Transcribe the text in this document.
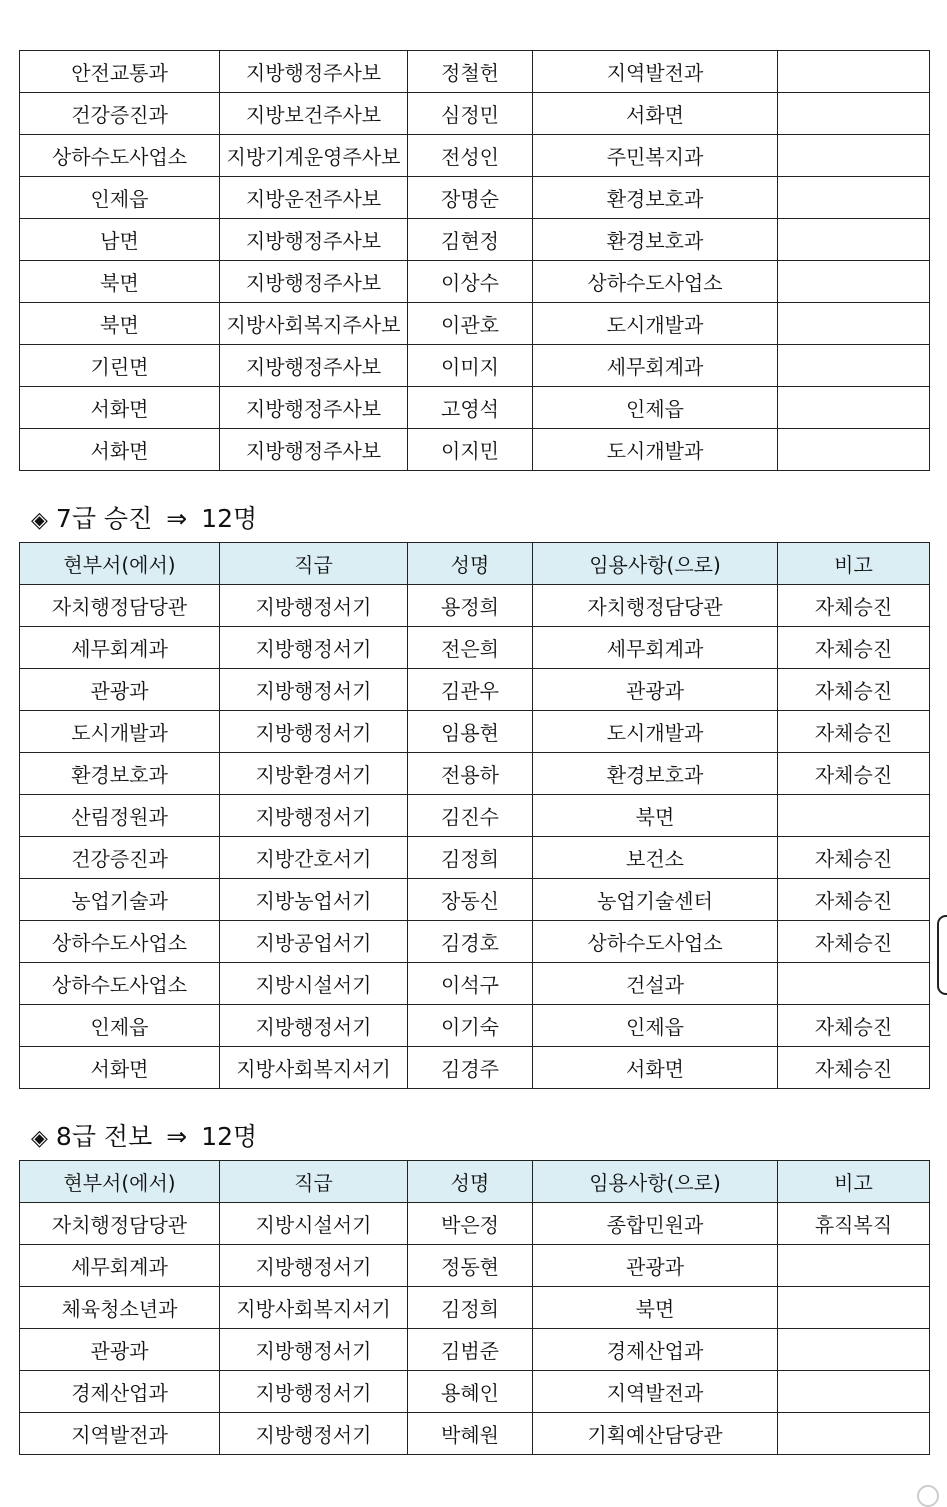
안전교통과	지방행정주사보	정철헌	지역발전과	
건강증진과	지방보건주사보	심정민	서화면	
상하수도사업소	지방기계운영주사보	전성인	주민복지과	
인제읍	지방운전주사보	장명순	환경보호과	
남면	지방행정주사보	김현정	환경보호과	
북면	지방행정주사보	이상수	상하수도사업소	
북면	지방사회복지주사보	이관호	도시개발과	
기린면	지방행정주사보	이미지	세무회계과	
서화면	지방행정주사보	고영석	인제읍	
서화면	지방행정주사보	이지민	도시개발과	
◈ 7급 승진 ⇒ 12명
현부서(에서)	직급	성명	임용사항(으로)	비고
자치행정담당관	지방행정서기	용정희	자치행정담당관	자체승진
세무회계과	지방행정서기	전은희	세무회계과	자체승진
관광과	지방행정서기	김관우	관광과	자체승진
도시개발과	지방행정서기	임용현	도시개발과	자체승진
환경보호과	지방환경서기	전용하	환경보호과	자체승진
산림정원과	지방행정서기	김진수	북면	
건강증진과	지방간호서기	김정희	보건소	자체승진
농업기술과	지방농업서기	장동신	농업기술센터	자체승진
상하수도사업소	지방공업서기	김경호	상하수도사업소	자체승진
상하수도사업소	지방시설서기	이석구	건설과	
인제읍	지방행정서기	이기숙	인제읍	자체승진
서화면	지방사회복지서기	김경주	서화면	자체승진
◈ 8급 전보 ⇒ 12명
현부서(에서)	직급	성명	임용사항(으로)	비고
자치행정담당관	지방시설서기	박은정	종합민원과	휴직복직
세무회계과	지방행정서기	정동현	관광과	
체육청소년과	지방사회복지서기	김정희	북면	
관광과	지방행정서기	김범준	경제산업과	
경제산업과	지방행정서기	용혜인	지역발전과	
지역발전과	지방행정서기	박혜원	기획예산담당관	
